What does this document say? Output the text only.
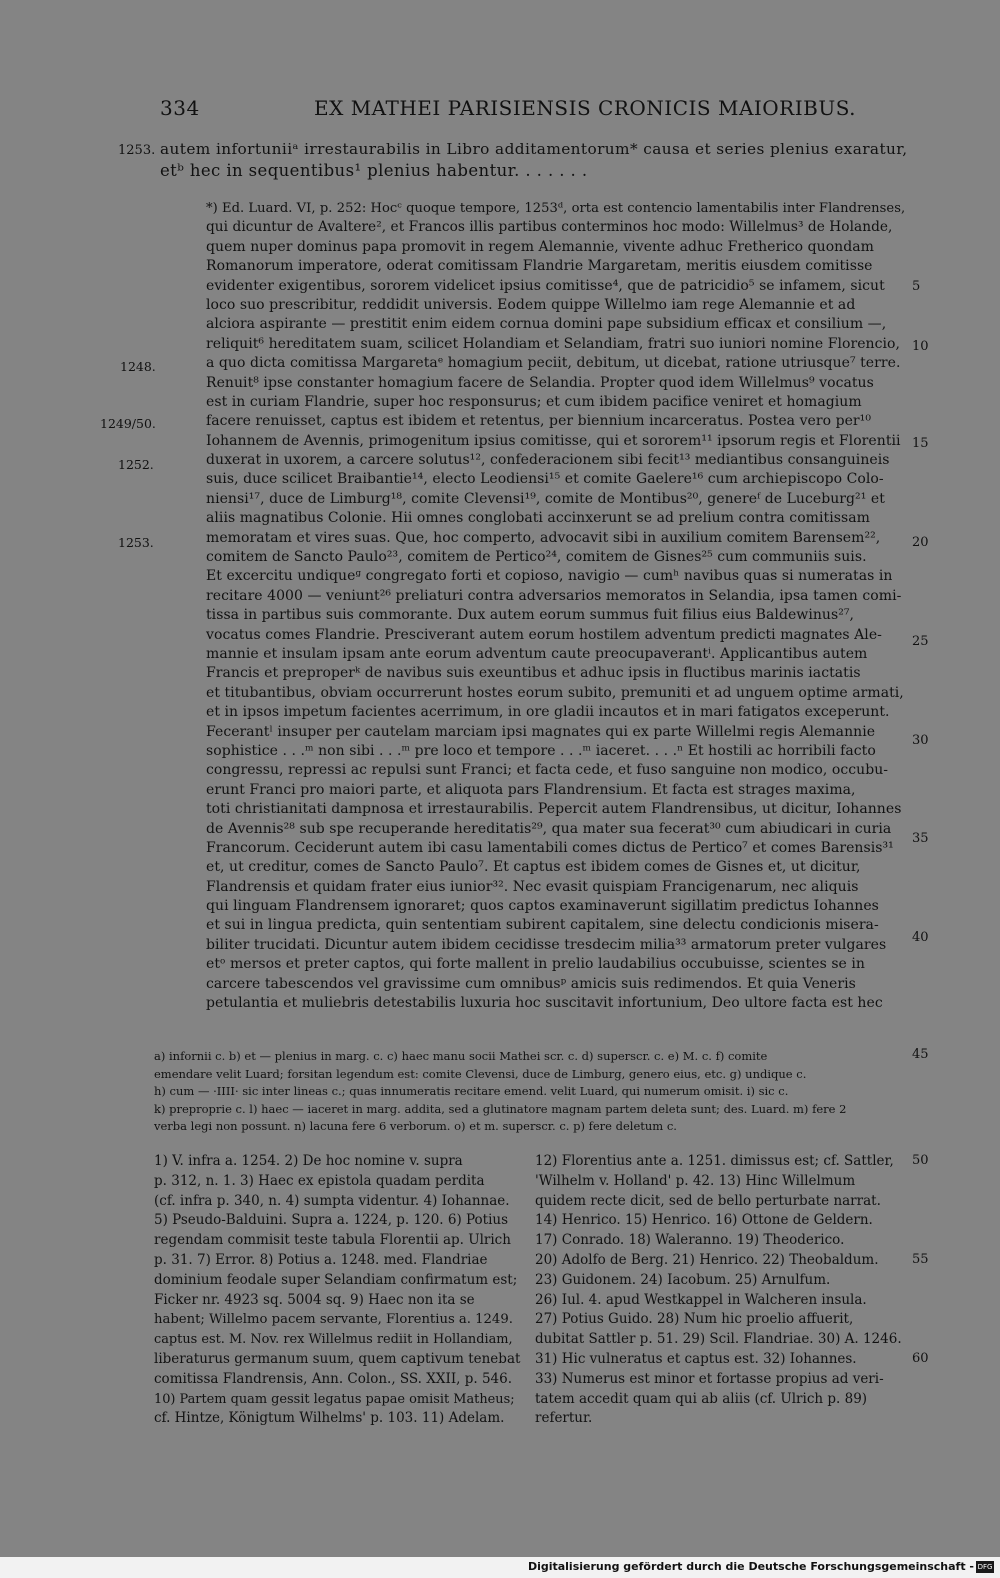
334	EX MATHEI PARISIENSIS CRONICIS MAIORIBUS.
1253. autem infortuniiᵃ irrestaurabilis in Libro additamentorum* causa et series plenius exaratur,
etᵇ hec in sequentibus¹ plenius habentur. . . . . . .
*) Ed. Luard. VI, p. 252: Hocᶜ quoque tempore, 1253ᵈ, orta est contencio lamentabilis inter Flandrenses,
qui dicuntur de Avaltere², et Francos illis partibus conterminos hoc modo: Willelmus³ de Holande,
quem nuper dominus papa promovit in regem Alemannie, vivente adhuc Fretherico quondam
Romanorum imperatore, oderat comitissam Flandrie Margaretam, meritis eiusdem comitisse
evidenter exigentibus, sororem videlicet ipsius comitisse⁴, que de patricidio⁵ se infamem, sicut
loco suo prescribitur, reddidit universis. Eodem quippe Willelmo iam rege Alemannie et ad
alciora aspirante — prestitit enim eidem cornua domini pape subsidium efficax et consilium —,
reliquit⁶ hereditatem suam, scilicet Holandiam et Selandiam, fratri suo iuniori nomine Florencio,
a quo dicta comitissa Margaretaᵉ homagium peciit, debitum, ut dicebat, ratione utriusque⁷ terre.
Renuit⁸ ipse constanter homagium facere de Selandia. Propter quod idem Willelmus⁹ vocatus
est in curiam Flandrie, super hoc responsurus; et cum ibidem pacifice veniret et homagium
facere renuisset, captus est ibidem et retentus, per biennium incarceratus. Postea vero per¹⁰
Iohannem de Avennis, primogenitum ipsius comitisse, qui et sororem¹¹ ipsorum regis et Florentii
duxerat in uxorem, a carcere solutus¹², confederacionem sibi fecit¹³ mediantibus consanguineis
suis, duce scilicet Braibantie¹⁴, electo Leodiensi¹⁵ et comite Gaelere¹⁶ cum archiepiscopo Colo-
niensi¹⁷, duce de Limburg¹⁸, comite Clevensi¹⁹, comite de Montibus²⁰, genereᶠ de Luceburg²¹ et
aliis magnatibus Colonie. Hii omnes conglobati accinxerunt se ad prelium contra comitissam
memoratam et vires suas. Que, hoc comperto, advocavit sibi in auxilium comitem Barensem²²,
comitem de Sancto Paulo²³, comitem de Pertico²⁴, comitem de Gisnes²⁵ cum communiis suis.
Et excercitu undiqueᵍ congregato forti et copioso, navigio — cumʰ navibus quas si numeratas in
recitare 4000 — veniunt²⁶ preliaturi contra adversarios memoratos in Selandia, ipsa tamen comi-
tissa in partibus suis commorante. Dux autem eorum summus fuit filius eius Baldewinus²⁷,
vocatus comes Flandrie. Presciverant autem eorum hostilem adventum predicti magnates Ale-
mannie et insulam ipsam ante eorum adventum caute preocupaverantⁱ. Applicantibus autem
Francis et preproperᵏ de navibus suis exeuntibus et adhuc ipsis in fluctibus marinis iactatis
et titubantibus, obviam occurrerunt hostes eorum subito, premuniti et ad unguem optime armati,
et in ipsos impetum facientes acerrimum, in ore gladii incautos et in mari fatigatos exceperunt.
Fecerantˡ insuper per cautelam marciam ipsi magnates qui ex parte Willelmi regis Alemannie
sophistice . . .ᵐ non sibi . . .ᵐ pre loco et tempore . . .ᵐ iaceret. . . .ⁿ Et hostili ac horribili facto
congressu, repressi ac repulsi sunt Franci; et facta cede, et fuso sanguine non modico, occubu-
erunt Franci pro maiori parte, et aliquota pars Flandrensium. Et facta est strages maxima,
toti christianitati dampnosa et irrestaurabilis. Pepercit autem Flandrensibus, ut dicitur, Iohannes
de Avennis²⁸ sub spe recuperande hereditatis²⁹, qua mater sua fecerat³⁰ cum abiudicari in curia
Francorum. Ceciderunt autem ibi casu lamentabili comes dictus de Pertico⁷ et comes Barensis³¹
et, ut creditur, comes de Sancto Paulo⁷. Et captus est ibidem comes de Gisnes et, ut dicitur,
Flandrensis et quidam frater eius iunior³². Nec evasit quispiam Francigenarum, nec aliquis
qui linguam Flandrensem ignoraret; quos captos examinaverunt sigillatim predictus Iohannes
et sui in lingua predicta, quin sententiam subirent capitalem, sine delectu condicionis misera-
biliter trucidati. Dicuntur autem ibidem cecidisse tresdecim milia³³ armatorum preter vulgares
etᵒ mersos et preter captos, qui forte mallent in prelio laudabilius occubuisse, scientes se in
carcere tabescendos vel gravissime cum omnibusᵖ amicis suis redimendos. Et quia Veneris
petulantia et muliebris detestabilis luxuria hoc suscitavit infortunium, Deo ultore facta est hec
1248.
1249/50.
1252.
1253.
5
10
15
20
25
30
35
40
45
50
55
60
a) infornii c. b) et — plenius in marg. c. c) haec manu socii Mathei scr. c. d) superscr. c. e) M. c. f) comite
emendare velit Luard; forsitan legendum est: comite Clevensi, duce de Limburg, genero eius, etc. g) undique c.
h) cum — ·IIII· sic inter lineas c.; quas innumeratis recitare emend. velit Luard, qui numerum omisit. i) sic c.
k) preproprie c. l) haec — iaceret in marg. addita, sed a glutinatore magnam partem deleta sunt; des. Luard. m) fere 2
verba legi non possunt. n) lacuna fere 6 verborum. o) et m. superscr. c. p) fere deletum c.
1) V. infra a. 1254. 2) De hoc nomine v. supra
p. 312, n. 1. 3) Haec ex epistola quadam perdita
(cf. infra p. 340, n. 4) sumpta videntur. 4) Iohannae.
5) Pseudo-Balduini. Supra a. 1224, p. 120. 6) Potius
regendam commisit teste tabula Florentii ap. Ulrich
p. 31. 7) Error. 8) Potius a. 1248. med. Flandriae
dominium feodale super Selandiam confirmatum est;
Ficker nr. 4923 sq. 5004 sq. 9) Haec non ita se
habent; Willelmo pacem servante, Florentius a. 1249.
captus est. M. Nov. rex Willelmus rediit in Hollandiam,
liberaturus germanum suum, quem captivum tenebat
comitissa Flandrensis, Ann. Colon., SS. XXII, p. 546.
10) Partem quam gessit legatus papae omisit Matheus;
cf. Hintze, Königtum Wilhelms' p. 103. 11) Adelam.
12) Florentius ante a. 1251. dimissus est; cf. Sattler,
'Wilhelm v. Holland' p. 42. 13) Hinc Willelmum
quidem recte dicit, sed de bello perturbate narrat.
14) Henrico. 15) Henrico. 16) Ottone de Geldern.
17) Conrado. 18) Waleranno. 19) Theoderico.
20) Adolfo de Berg. 21) Henrico. 22) Theobaldum.
23) Guidonem. 24) Iacobum. 25) Arnulfum.
26) Iul. 4. apud Westkappel in Walcheren insula.
27) Potius Guido. 28) Num hic proelio affuerit,
dubitat Sattler p. 51. 29) Scil. Flandriae. 30) A. 1246.
31) Hic vulneratus et captus est. 32) Iohannes.
33) Numerus est minor et fortasse propius ad veri-
tatem accedit quam qui ab aliis (cf. Ulrich p. 89)
refertur.
Digitalisierung gefördert durch die Deutsche Forschungsgemeinschaft - DFG
